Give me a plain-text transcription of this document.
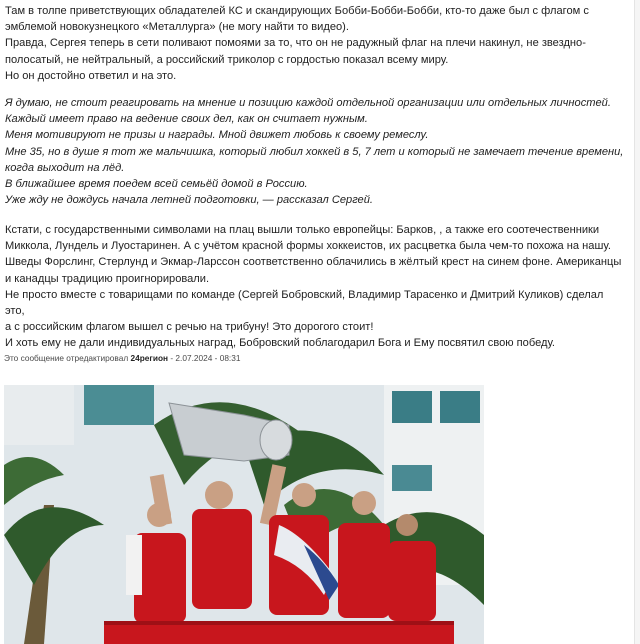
Там в толпе приветствующих обладателей КС и скандирующих Бобби-Бобби-Бобби, кто-то даже был с флагом с

эмблемой новокузнецкого «Металлурга» (не могу найти то видео).

Правда, Сергея теперь в сети поливают помоями за то, что он не радужный флаг на плечи накинул, не звездно-

полосатый, не нейтральный, а российский триколор с гордостью показал всему миру.

Но он достойно ответил и на это.

Я думаю, не стоит реагировать на мнение и позицию каждой отдельной организации или отдельных личностей.

Каждый имеет право на ведение своих дел, как он считает нужным.

Меня мотивируют не призы и награды. Мной движет любовь к своему ремеслу.

Мне 35, но в душе я тот же мальчишка, который любил хоккей в 5, 7 лет и который не замечает течение времени,

когда выходит на лёд.

В ближайшее время поедем всей семьёй домой в Россию.

Уже жду не дождусь начала летней подготовки, — рассказал Сергей.

Кстати, с государственными символами на плац вышли только европейцы: Барков, , а также его соотечественники

Миккола, Лундель и Луостаринен. А с учётом красной формы хоккеистов, их расцветка была чем-то похожа на нашу.

Шведы Форслинг, Стерлунд и Экмар-Ларссон соответственно облачились в жёлтый крест на синем фоне. Американцы

и канадцы традицию проигнорировали.

Не просто вместе с товарищами по команде (Сергей Бобровский, Владимир Тарасенко и Дмитрий Куликов) сделал это,

а с российским флагом вышел с речью на трибуну! Это дорогого стоит!

И хоть ему не дали индивидуальных наград, Бобровский поблагодарил Бога и Ему посвятил свою победу.

Это сообщение отредактировал 24регион - 2.07.2024 - 08:31
